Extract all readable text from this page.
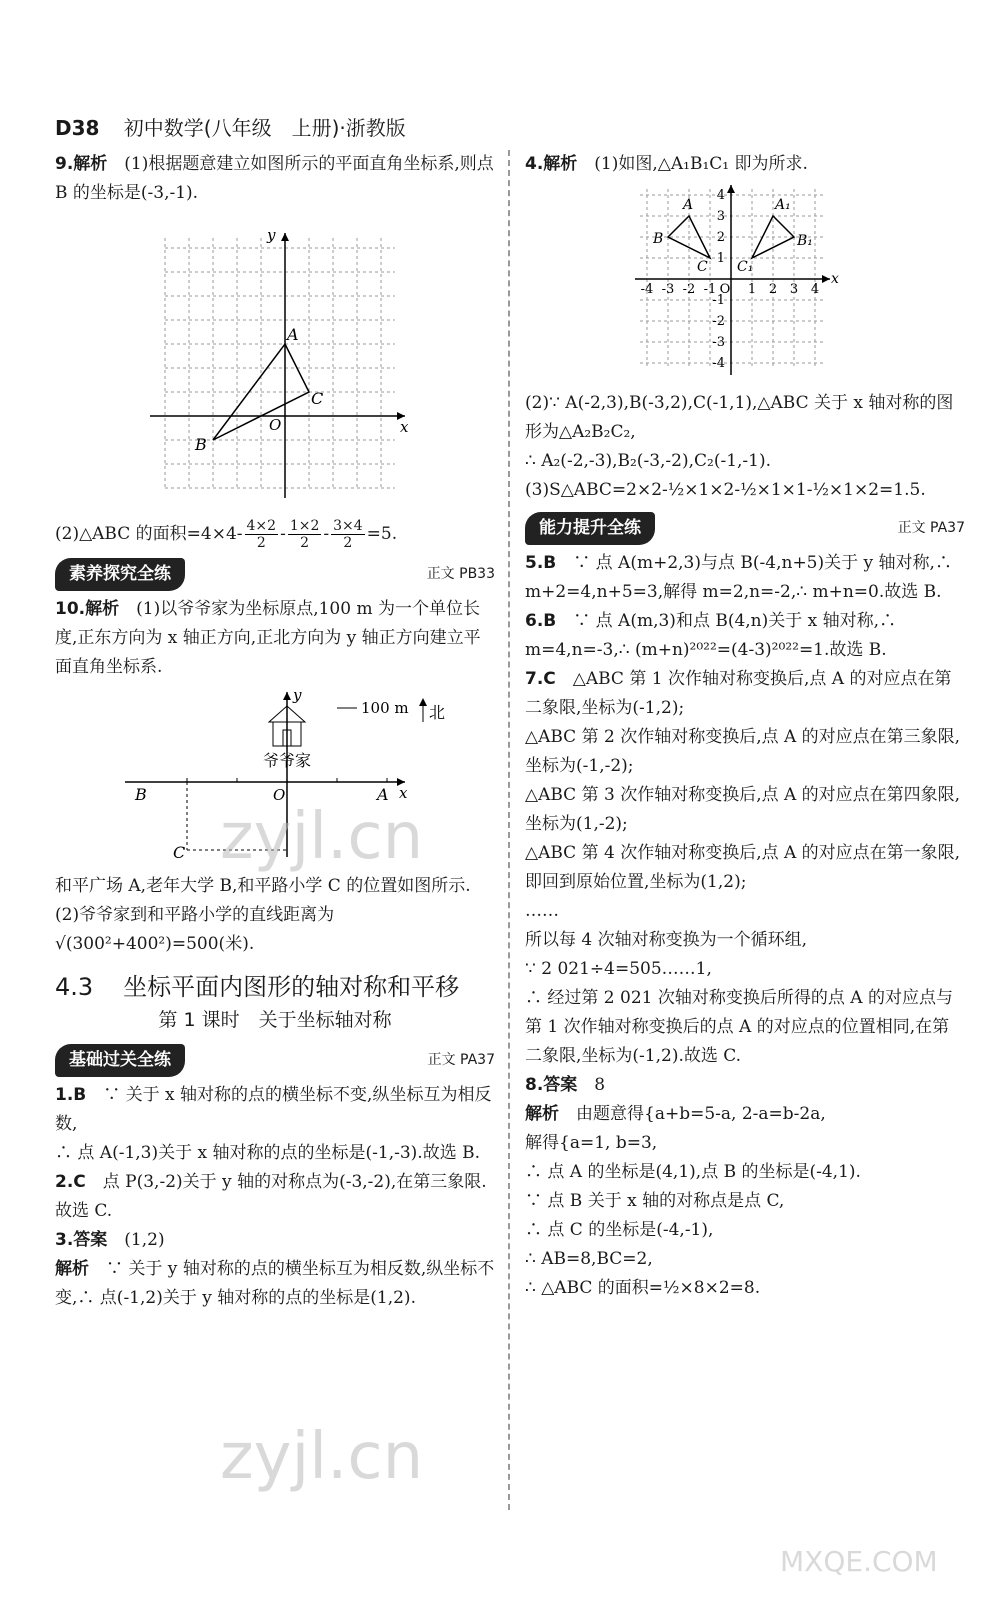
D38 初中数学(八年级　上册)·浙教版

9.解析　 (1)根据题意建立如图所示的平面直角坐标系,则点 B 的坐标是(-3,-1).

A
C
B
O	x
y

(2)△ABC 的面积$=4\times 4- \frac{4\times 2}{2} - \frac{1\times 2}{2} - \frac{3\times 4}{2} =5$.

素养探究全练	正文 PB33

10.解析　 (1)以爷爷家为坐标原点,100 m 为一个单位长度,正东方向为 x 轴正方向,正北方向为 y 轴正方向建立平面直角坐标系.

爷爷家
100 m 北
B	O	A x
y
C

和平广场 A,老年大学 B,和平路小学 C 的位置如图所示.

(2)爷爷家到和平路小学的直线距离为√(300²+400²)=500(米).

4.3 坐标平面内图形的轴对称和平移
第 1 课时　关于坐标轴对称
基础过关全练	正文 PA37

1.B　 ∵ 关于 x 轴对称的点的横坐标不变,纵坐标互为相反数,

∴ 点 A(-1,3)关于 x 轴对称的点的坐标是(-1,-3).故选 B.

2.C　 点 P(3,-2)关于 y 轴的对称点为(-3,-2),在第三象限.故选 C.

3.答案　 (1,2)

解析　 ∵ 关于 y 轴对称的点的横坐标互为相反数,纵坐标不变,∴ 点(-1,2)关于 y 轴对称的点的坐标是(1,2).

4.解析　 (1)如图,△A₁B₁C₁ 即为所求.

A
B
C
A₁
B₁
C₁
x
-4 -3 -2 -1 O 1 2 3 4
4
3
2
1
-1
-2
-3
-4

(2)∵ A(-2,3),B(-3,2),C(-1,1),△ABC 关于 x 轴对称的图形为△A₂B₂C₂,

∴ A₂(-2,-3),B₂(-3,-2),C₂(-1,-1).

(3)S△ABC=2×2-½×1×2-½×1×1-½×1×2=1.5.

能力提升全练	正文 PA37

5.B　 ∵ 点 A(m+2,3)与点 B(-4,n+5)关于 y 轴对称,∴ m+2=4,n+5=3,解得 m=2,n=-2,∴ m+n=0.故选 B.

6.B　 ∵ 点 A(m,3)和点 B(4,n)关于 x 轴对称,∴ m=4,n=-3,∴ (m+n)²⁰²²=(4-3)²⁰²²=1.故选 B.

7.C　 △ABC 第 1 次作轴对称变换后,点 A 的对应点在第二象限,坐标为(-1,2);

△ABC 第 2 次作轴对称变换后,点 A 的对应点在第三象限,坐标为(-1,-2);

△ABC 第 3 次作轴对称变换后,点 A 的对应点在第四象限,坐标为(1,-2);

△ABC 第 4 次作轴对称变换后,点 A 的对应点在第一象限,即回到原始位置,坐标为(1,2);

……

所以每 4 次轴对称变换为一个循环组,

∵ 2 021÷4=505……1,

∴ 经过第 2 021 次轴对称变换后所得的点 A 的对应点与第 1 次作轴对称变换后的点 A 的对应点的位置相同,在第二象限,坐标为(-1,2).故选 C.

8.答案　 8

解析　 由题意得{a+b=5-a, 2-a=b-2a,

解得{a=1, b=3,

∴ 点 A 的坐标是(4,1),点 B 的坐标是(-4,1).

∵ 点 B 关于 x 轴的对称点是点 C,

∴ 点 C 的坐标是(-4,-1),

∴ AB=8,BC=2,

∴ △ABC 的面积=½×8×2=8.

zyjl.cn
zyjl.cn
MXQE.COM
